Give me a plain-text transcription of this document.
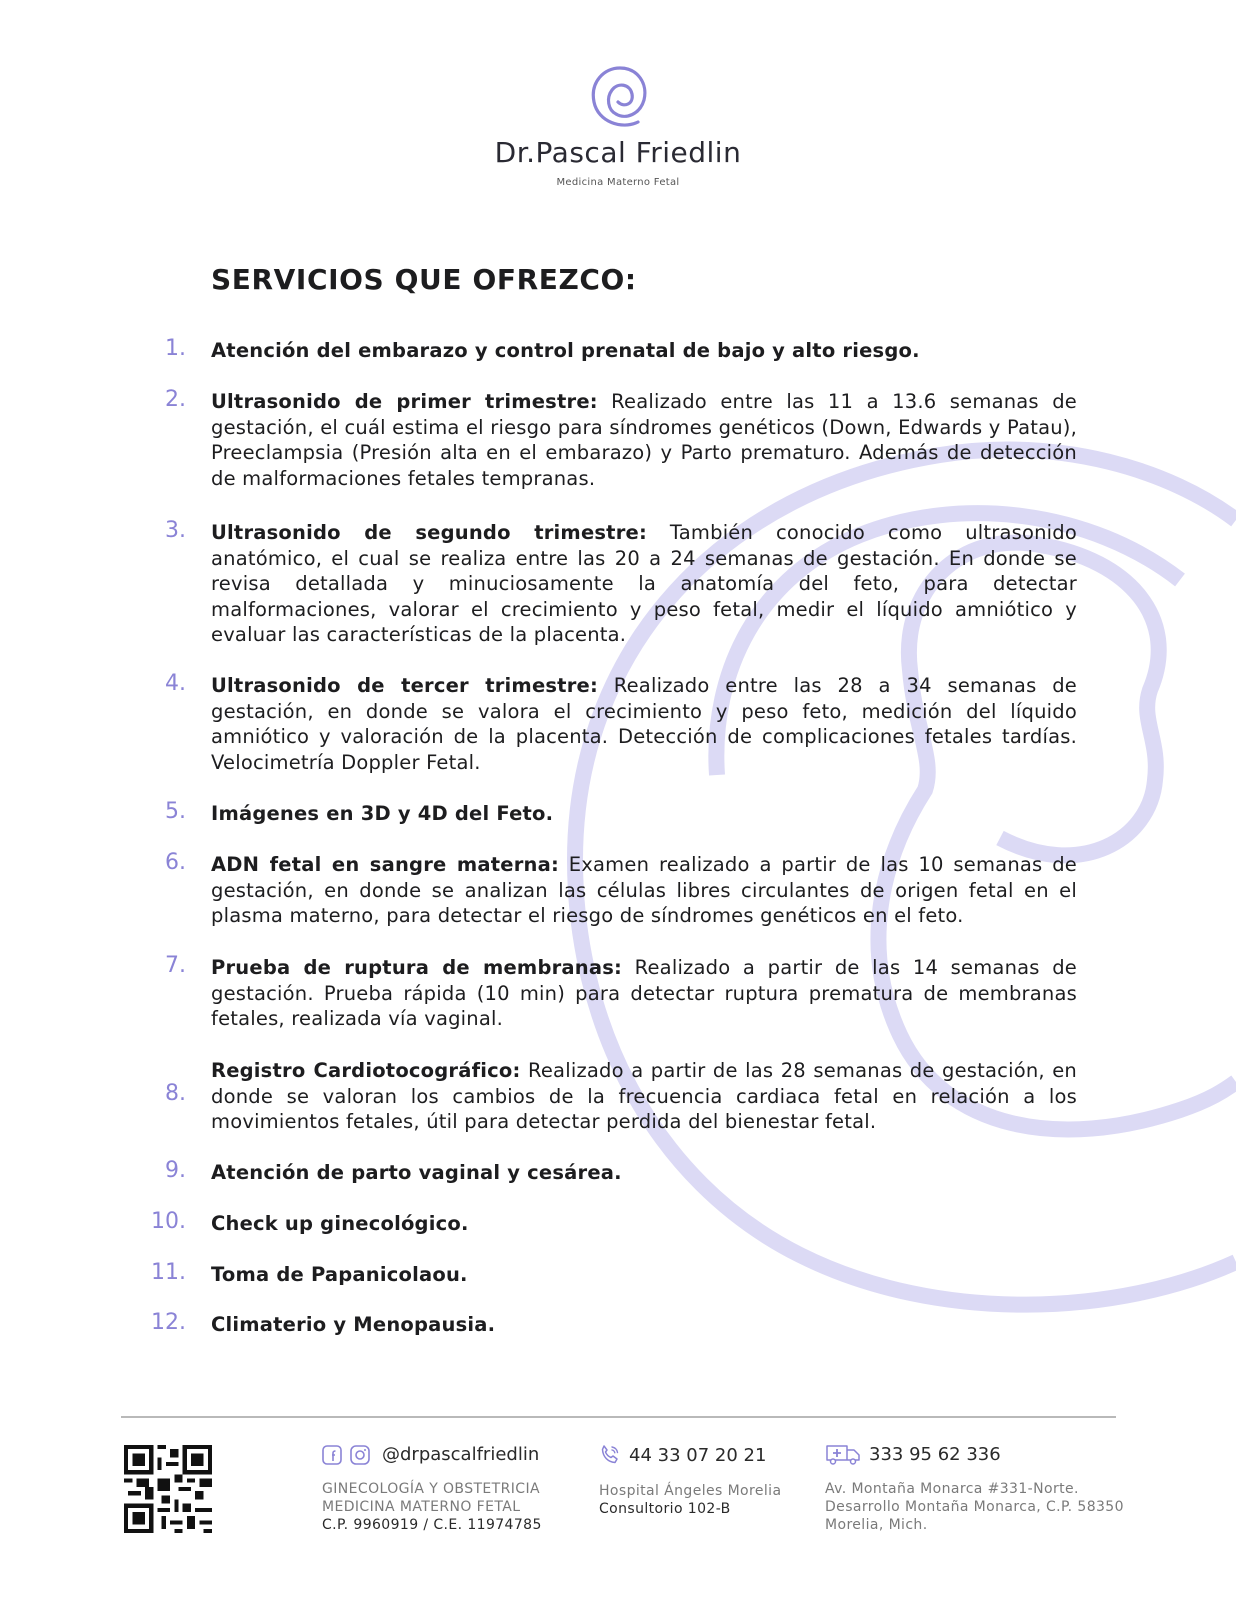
Dr.Pascal Friedlin
Medicina Materno Fetal
SERVICIOS QUE OFREZCO:
1. Atención del embarazo y control prenatal de bajo y alto riesgo.
2. Ultrasonido de primer trimestre: Realizado entre las 11 a 13.6 semanas de gestación, el cuál estima el riesgo para síndromes genéticos (Down, Edwards y Patau), Preeclampsia (Presión alta en el embarazo) y Parto prematuro. Además de detección de malformaciones fetales tempranas.
3. Ultrasonido de segundo trimestre: También conocido como ultrasonido anatómico, el cual se realiza entre las 20 a 24 semanas de gestación. En donde se revisa detallada y minuciosamente la anatomía del feto, para detectar malformaciones, valorar el crecimiento y peso fetal, medir el líquido amniótico y evaluar las características de la placenta.
4. Ultrasonido de tercer trimestre: Realizado entre las 28 a 34 semanas de gestación, en donde se valora el crecimiento y peso feto, medición del líquido amniótico y valoración de la placenta. Detección de complicaciones fetales tardías. Velocimetría Doppler Fetal.
5. Imágenes en 3D y 4D del Feto.
6. ADN fetal en sangre materna: Examen realizado a partir de las 10 semanas de gestación, en donde se analizan las células libres circulantes de origen fetal en el plasma materno, para detectar el riesgo de síndromes genéticos en el feto.
7. Prueba de ruptura de membranas: Realizado a partir de las 14 semanas de gestación. Prueba rápida (10 min) para detectar ruptura prematura de membranas fetales, realizada vía vaginal.
8.
Registro Cardiotocográfico: Realizado a partir de las 28 semanas de gestación, en donde se valoran los cambios de la frecuencia cardiaca fetal en relación a los movimientos fetales, útil para detectar perdida del bienestar fetal.
9. Atención de parto vaginal y cesárea.
10. Check up ginecológico.
11. Toma de Papanicolaou.
12. Climaterio y Menopausia.
@drpascalfriedlin
GINECOLOGÍA Y OBSTETRICIA
MEDICINA MATERNO FETAL
C.P. 9960919 / C.E. 11974785
44 33 07 20 21
Hospital Ángeles Morelia
Consultorio 102-B
333 95 62 336
Av. Montaña Monarca #331-Norte.
Desarrollo Montaña Monarca, C.P. 58350
Morelia, Mich.
